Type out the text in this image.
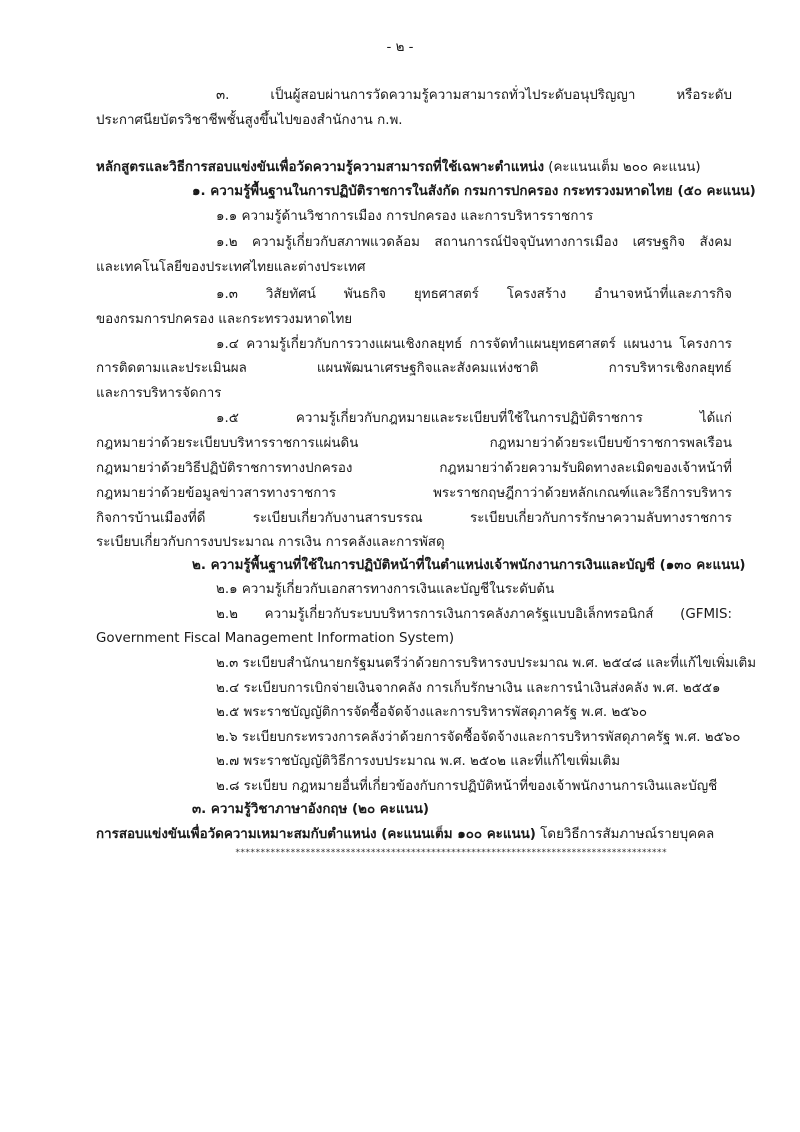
- ๒ -
๓. เป็นผู้สอบผ่านการวัดความรู้ความสามารถทั่วไประดับอนุปริญญา หรือระดับ
ประกาศนียบัตรวิชาชีพชั้นสูงขึ้นไปของสำนักงาน ก.พ.
หลักสูตรและวิธีการสอบแข่งขันเพื่อวัดความรู้ความสามารถที่ใช้เฉพาะตำแหน่ง (คะแนนเต็ม ๒๐๐ คะแนน)
๑. ความรู้พื้นฐานในการปฏิบัติราชการในสังกัด กรมการปกครอง กระทรวงมหาดไทย (๕๐ คะแนน)
๑.๑ ความรู้ด้านวิชาการเมือง การปกครอง และการบริหารราชการ
๑.๒ ความรู้เกี่ยวกับสภาพแวดล้อม สถานการณ์ปัจจุบันทางการเมือง เศรษฐกิจ สังคม
และเทคโนโลยีของประเทศไทยและต่างประเทศ
๑.๓ วิสัยทัศน์ พันธกิจ ยุทธศาสตร์ โครงสร้าง อำนาจหน้าที่และภารกิจ
ของกรมการปกครอง และกระทรวงมหาดไทย
๑.๔ ความรู้เกี่ยวกับการวางแผนเชิงกลยุทธ์ การจัดทำแผนยุทธศาสตร์ แผนงาน โครงการ
การติดตามและประเมินผล แผนพัฒนาเศรษฐกิจและสังคมแห่งชาติ การบริหารเชิงกลยุทธ์
และการบริหารจัดการ
๑.๕ ความรู้เกี่ยวกับกฎหมายและระเบียบที่ใช้ในการปฏิบัติราชการ ได้แก่
กฎหมายว่าด้วยระเบียบบริหารราชการแผ่นดิน กฎหมายว่าด้วยระเบียบข้าราชการพลเรือน
กฎหมายว่าด้วยวิธีปฏิบัติราชการทางปกครอง กฎหมายว่าด้วยความรับผิดทางละเมิดของเจ้าหน้าที่
กฎหมายว่าด้วยข้อมูลข่าวสารทางราชการ พระราชกฤษฎีกาว่าด้วยหลักเกณฑ์และวิธีการบริหาร
กิจการบ้านเมืองที่ดี ระเบียบเกี่ยวกับงานสารบรรณ ระเบียบเกี่ยวกับการรักษาความลับทางราชการ
ระเบียบเกี่ยวกับการงบประมาณ การเงิน การคลังและการพัสดุ
๒. ความรู้พื้นฐานที่ใช้ในการปฏิบัติหน้าที่ในตำแหน่งเจ้าพนักงานการเงินและบัญชี (๑๓๐ คะแนน)
๒.๑ ความรู้เกี่ยวกับเอกสารทางการเงินและบัญชีในระดับต้น
๒.๒ ความรู้เกี่ยวกับระบบบริหารการเงินการคลังภาครัฐแบบอิเล็กทรอนิกส์ (GFMIS:
Government Fiscal Management Information System)
๒.๓ ระเบียบสำนักนายกรัฐมนตรีว่าด้วยการบริหารงบประมาณ พ.ศ. ๒๕๔๘ และที่แก้ไขเพิ่มเติม
๒.๔ ระเบียบการเบิกจ่ายเงินจากคลัง การเก็บรักษาเงิน และการนำเงินส่งคลัง พ.ศ. ๒๕๕๑
๒.๕ พระราชบัญญัติการจัดซื้อจัดจ้างและการบริหารพัสดุภาครัฐ พ.ศ. ๒๕๖๐
๒.๖ ระเบียบกระทรวงการคลังว่าด้วยการจัดซื้อจัดจ้างและการบริหารพัสดุภาครัฐ พ.ศ. ๒๕๖๐
๒.๗ พระราชบัญญัติวิธีการงบประมาณ พ.ศ. ๒๕๐๒ และที่แก้ไขเพิ่มเติม
๒.๘ ระเบียบ กฎหมายอื่นที่เกี่ยวข้องกับการปฏิบัติหน้าที่ของเจ้าพนักงานการเงินและบัญชี
๓. ความรู้วิชาภาษาอังกฤษ (๒๐ คะแนน)
การสอบแข่งขันเพื่อวัดความเหมาะสมกับตำแหน่ง (คะแนนเต็ม ๑๐๐ คะแนน) โดยวิธีการสัมภาษณ์รายบุคคล
**************************************************************************************
